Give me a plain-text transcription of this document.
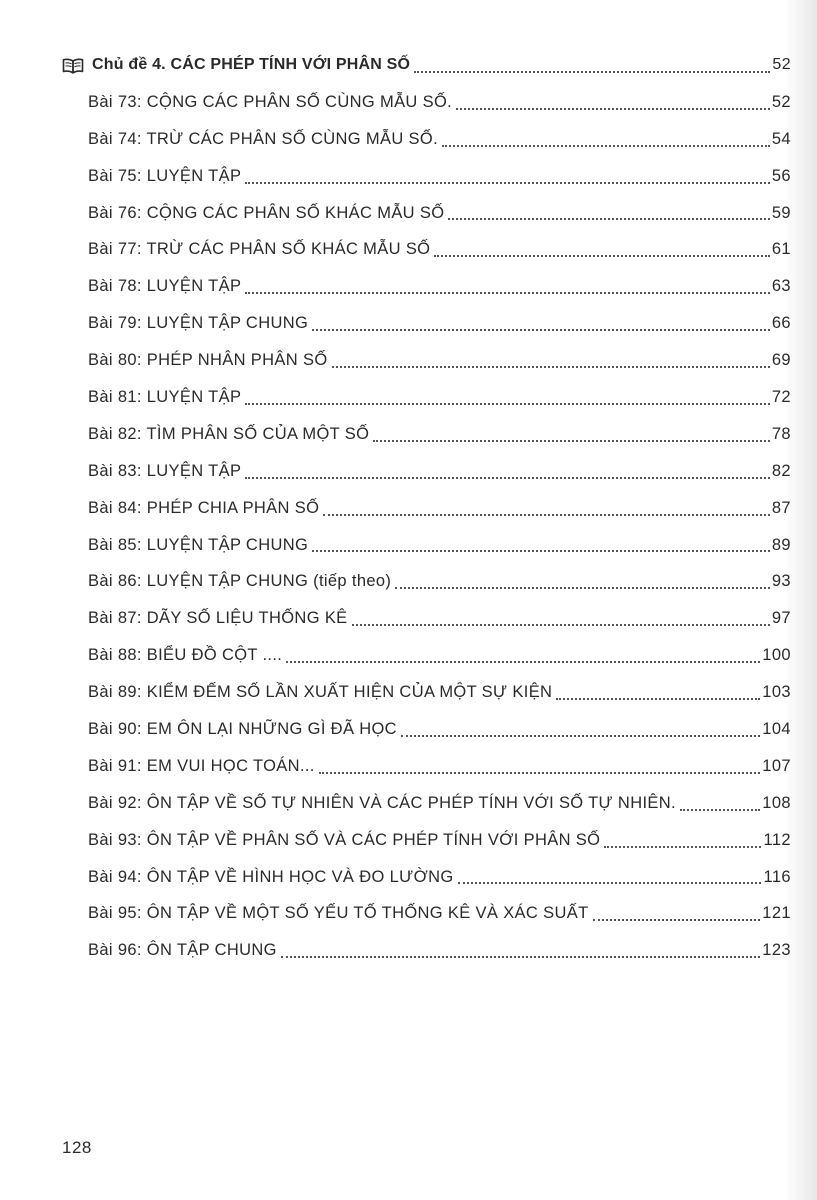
Chủ đề 4. CÁC PHÉP TÍNH VỚI PHÂN SỐ	52
Bài 73: CỘNG CÁC PHÂN SỐ CÙNG MẪU SỐ.	52
Bài 74: TRỪ CÁC PHÂN SỐ CÙNG MẪU SỐ.	54
Bài 75: LUYỆN TẬP	56
Bài 76: CỘNG CÁC PHÂN SỐ KHÁC MẪU SỐ	59
Bài 77: TRỪ CÁC PHÂN SỐ KHÁC MẪU SỐ	61
Bài 78: LUYỆN TẬP	63
Bài 79: LUYỆN TẬP CHUNG	66
Bài 80: PHÉP NHÂN PHÂN SỐ	69
Bài 81: LUYỆN TẬP	72
Bài 82: TÌM PHÂN SỐ CỦA MỘT SỐ	78
Bài 83: LUYỆN TẬP	82
Bài 84: PHÉP CHIA PHÂN SỐ	87
Bài 85: LUYỆN TẬP CHUNG	89
Bài 86: LUYỆN TẬP CHUNG (tiếp theo)	93
Bài 87: DÃY SỐ LIỆU THỐNG KÊ	97
Bài 88: BIỂU ĐỒ CỘT ....	100
Bài 89: KIỂM ĐẾM SỐ LẦN XUẤT HIỆN CỦA MỘT SỰ KIỆN	103
Bài 90: EM ÔN LẠI NHỮNG GÌ ĐÃ HỌC	104
Bài 91: EM VUI HỌC TOÁN...	107
Bài 92: ÔN TẬP VỀ SỐ TỰ NHIÊN VÀ CÁC PHÉP TÍNH VỚI SỐ TỰ NHIÊN.	108
Bài 93: ÔN TẬP VỀ PHÂN SỐ VÀ CÁC PHÉP TÍNH VỚI PHÂN SỐ	112
Bài 94: ÔN TẬP VỀ HÌNH HỌC VÀ ĐO LƯỜNG	116
Bài 95: ÔN TẬP VỀ MỘT SỐ YẾU TỐ THỐNG KÊ VÀ XÁC SUẤT	121
Bài 96: ÔN TẬP CHUNG	123
128
